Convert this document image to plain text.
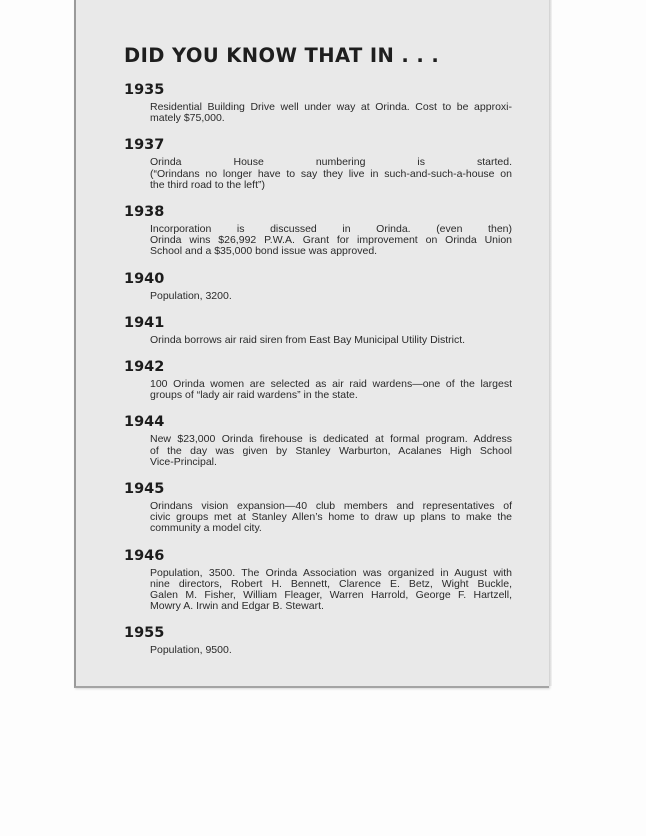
DID YOU KNOW THAT IN . . .
1935
Residential Building Drive well under way at Orinda. Cost to be approxi-
mately $75,000.
1937
Orinda House numbering is started.
(“Orindans no longer have to say they live in such-and-such-a-house on
the third road to the left”)
1938
Incorporation is discussed in Orinda. (even then)
Orinda wins $26,992 P.W.A. Grant for improvement on Orinda Union
School and a $35,000 bond issue was approved.
1940
Population, 3200.
1941
Orinda borrows air raid siren from East Bay Municipal Utility District.
1942
100 Orinda women are selected as air raid wardens—one of the largest
groups of “lady air raid wardens” in the state.
1944
New $23,000 Orinda firehouse is dedicated at formal program. Address
of the day was given by Stanley Warburton, Acalanes High School
Vice-Principal.
1945
Orindans vision expansion—40 club members and representatives of
civic groups met at Stanley Allen’s home to draw up plans to make the
community a model city.
1946
Population, 3500. The Orinda Association was organized in August with
nine directors, Robert H. Bennett, Clarence E. Betz, Wight Buckle,
Galen M. Fisher, William Fleager, Warren Harrold, George F. Hartzell,
Mowry A. Irwin and Edgar B. Stewart.
1955
Population, 9500.
